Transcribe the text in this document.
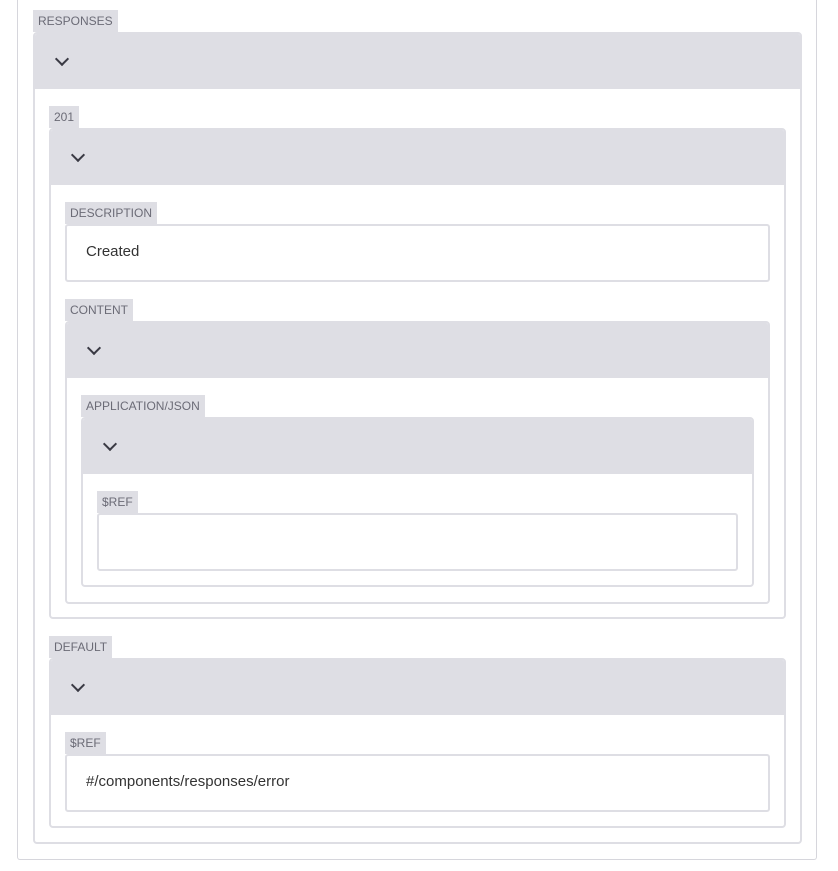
RESPONSES
201
DESCRIPTION
Created
CONTENT
APPLICATION/JSON
$REF
DEFAULT
$REF
#/components/responses/error
